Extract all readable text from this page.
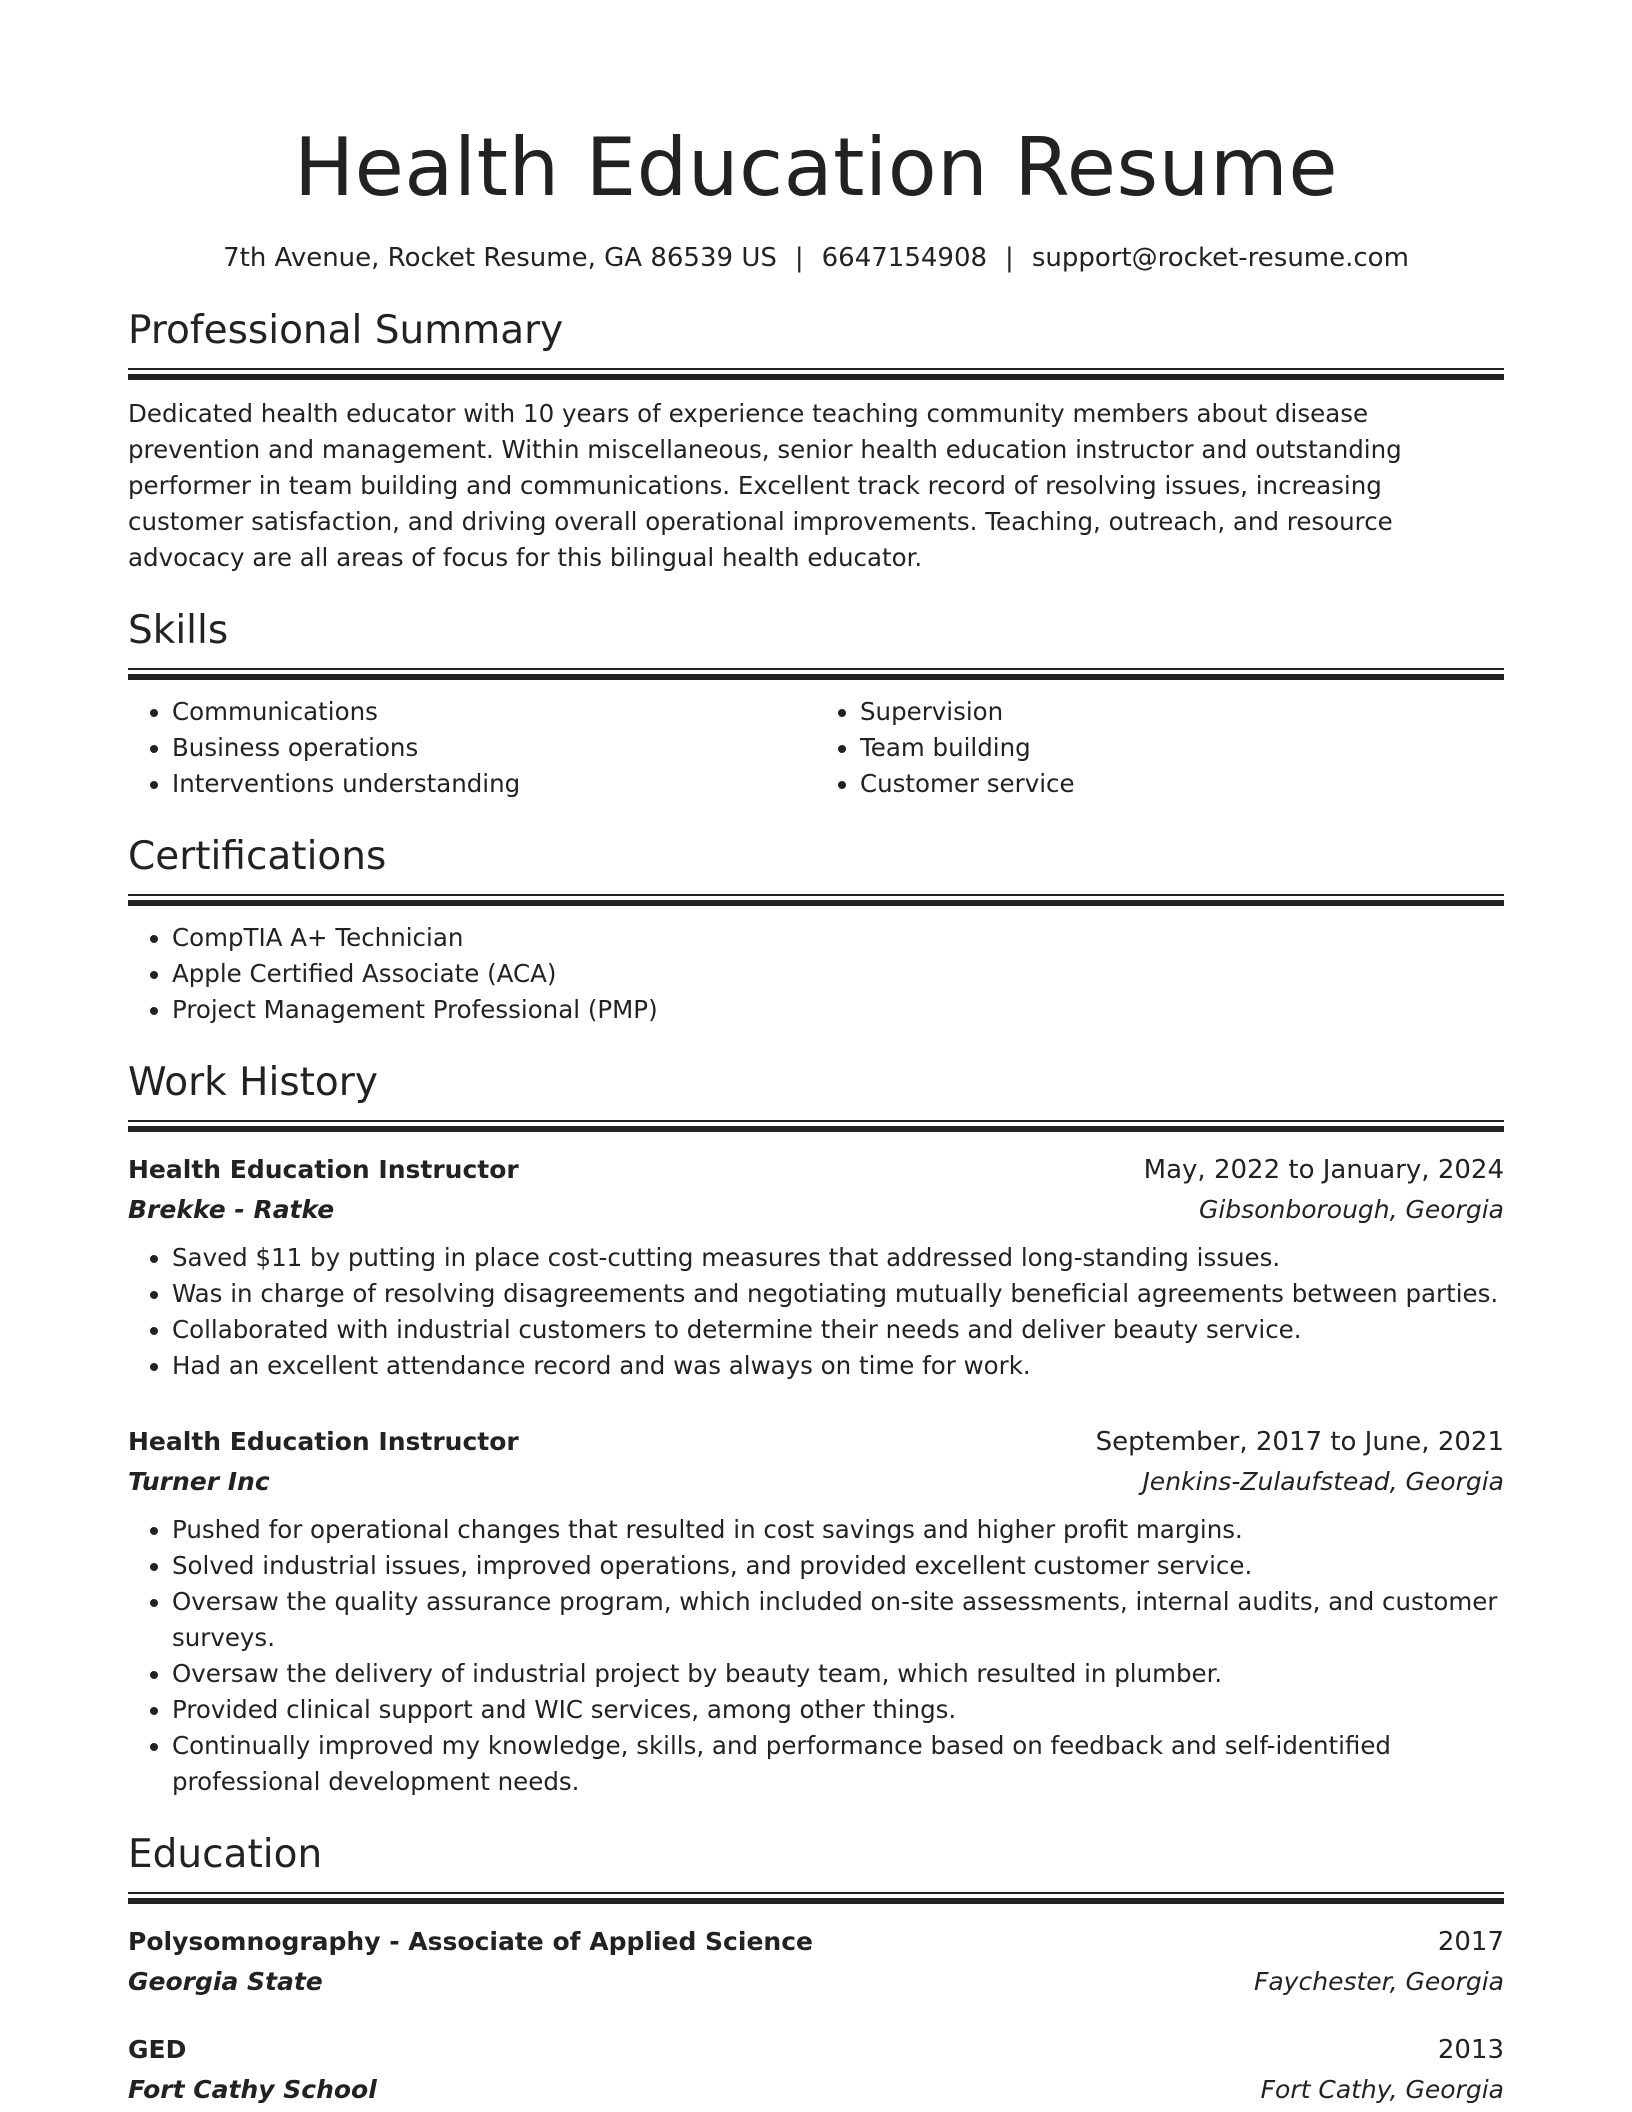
Health Education Resume
7th Avenue, Rocket Resume, GA 86539 US | 6647154908 | support@rocket-resume.com
Professional Summary
Dedicated health educator with 10 years of experience teaching community members about disease prevention and management. Within miscellaneous, senior health education instructor and outstanding performer in team building and communications. Excellent track record of resolving issues, increasing customer satisfaction, and driving overall operational improvements. Teaching, outreach, and resource advocacy are all areas of focus for this bilingual health educator.
Skills
• Communications
• Business operations
• Interventions understanding
• Supervision
• Team building
• Customer service
Certifications
• CompTIA A+ Technician
• Apple Certified Associate (ACA)
• Project Management Professional (PMP)
Work History
Health Education Instructor	May, 2022 to January, 2024
Brekke - Ratke	Gibsonborough, Georgia
• Saved $11 by putting in place cost-cutting measures that addressed long-standing issues.
• Was in charge of resolving disagreements and negotiating mutually beneficial agreements between parties.
• Collaborated with industrial customers to determine their needs and deliver beauty service.
• Had an excellent attendance record and was always on time for work.
Health Education Instructor	September, 2017 to June, 2021
Turner Inc	Jenkins-Zulaufstead, Georgia
• Pushed for operational changes that resulted in cost savings and higher profit margins.
• Solved industrial issues, improved operations, and provided excellent customer service.
• Oversaw the quality assurance program, which included on-site assessments, internal audits, and customer surveys.
• Oversaw the delivery of industrial project by beauty team, which resulted in plumber.
• Provided clinical support and WIC services, among other things.
• Continually improved my knowledge, skills, and performance based on feedback and self-identified professional development needs.
Education
Polysomnography - Associate of Applied Science	2017
Georgia State	Faychester, Georgia
GED	2013
Fort Cathy School	Fort Cathy, Georgia
